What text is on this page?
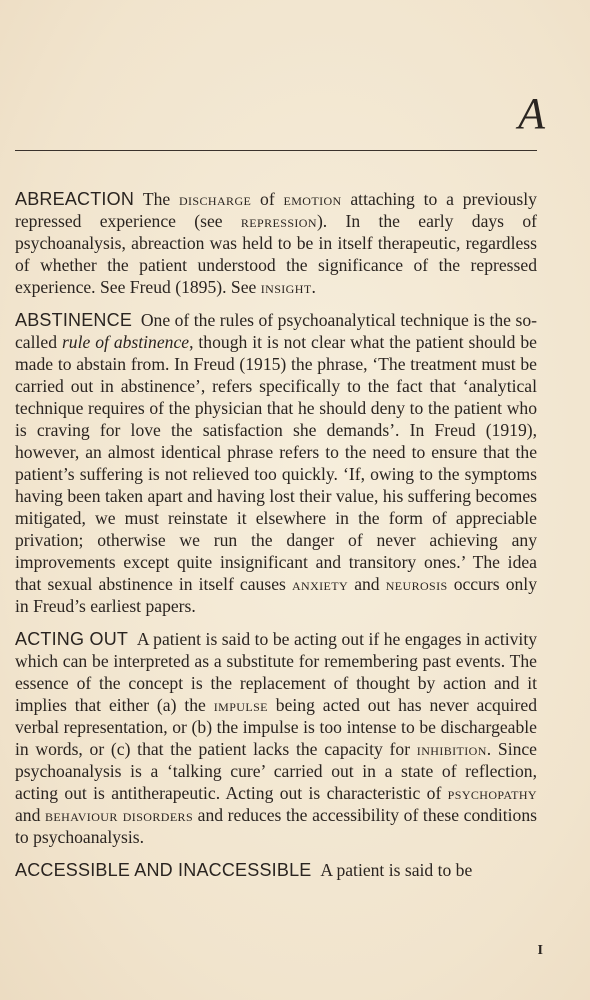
A

ABREACTION  The discharge of emotion attaching to a previously repressed experience (see repression). In the early days of psychoanalysis, abreaction was held to be in itself therapeutic, regardless of whether the patient understood the significance of the repressed experience. See Freud (1895). See insight.

ABSTINENCE  One of the rules of psychoanalytical technique is the so-called rule of abstinence, though it is not clear what the patient should be made to abstain from. In Freud (1915) the phrase, ‘The treatment must be carried out in abstinence’, refers specifically to the fact that ‘analytical technique requires of the physician that he should deny to the patient who is craving for love the satisfaction she demands’. In Freud (1919), however, an almost identical phrase refers to the need to ensure that the patient’s suffering is not relieved too quickly. ‘If, owing to the symptoms having been taken apart and having lost their value, his suffering becomes mitigated, we must reinstate it elsewhere in the form of appreciable privation; otherwise we run the danger of never achieving any improvements except quite insignificant and transitory ones.’ The idea that sexual abstinence in itself causes anxiety and neurosis occurs only in Freud’s earliest papers.

ACTING OUT  A patient is said to be acting out if he engages in activity which can be interpreted as a substitute for remembering past events. The essence of the concept is the replacement of thought by action and it implies that either (a) the impulse being acted out has never acquired verbal representation, or (b) the impulse is too intense to be dischargeable in words, or (c) that the patient lacks the capacity for inhibition. Since psychoanalysis is a ‘talking cure’ carried out in a state of reflection, acting out is antitherapeutic. Acting out is characteristic of psychopathy and behaviour disorders and reduces the accessibility of these conditions to psychoanalysis.

ACCESSIBLE AND INACCESSIBLE  A patient is said to be

I
